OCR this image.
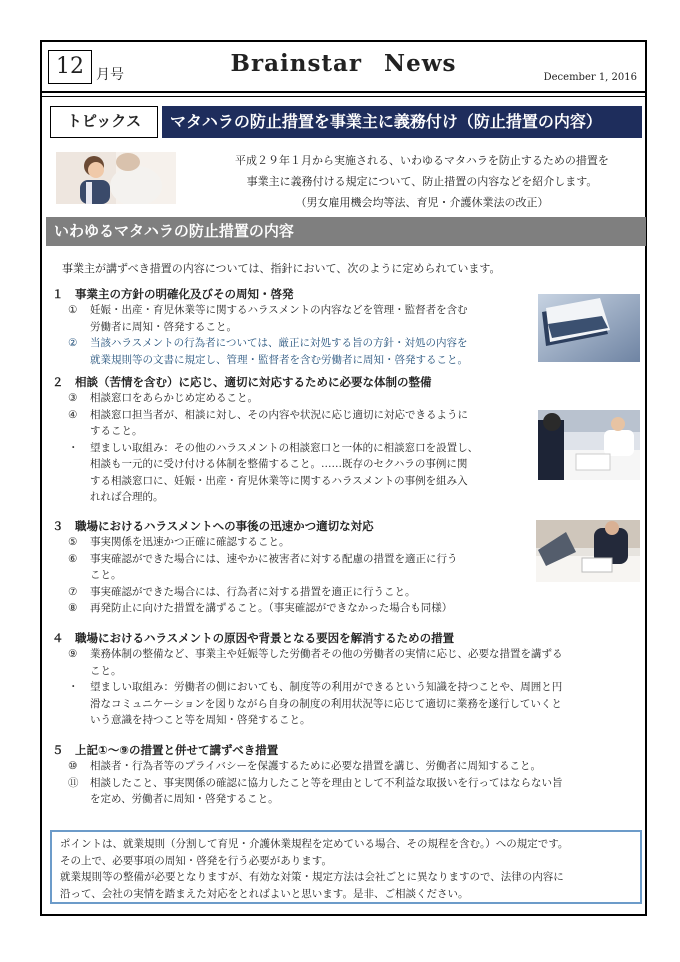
12 月号	Brainstar News
December 1, 2016
トピックス	マタハラの防止措置を事業主に義務付け（防止措置の内容）

平成２９年１月から実施される、いわゆるマタハラを防止するための措置を

事業主に義務付ける規定について、防止措置の内容などを紹介します。

（男女雇用機会均等法、育児・介護休業法の改正）

いわゆるマタハラの防止措置の内容
事業主が講ずべき措置の内容については、指針において、次のように定められています。
１　事業主の方針の明確化及びその周知・啓発
① 妊娠・出産・育児休業等に関するハラスメントの内容などを管理・監督者を含む
労働者に周知・啓発すること。
② 当該ハラスメントの行為者については、厳正に対処する旨の方針・対処の内容を
就業規則等の文書に規定し、管理・監督者を含む労働者に周知・啓発すること。
２　相談（苦情を含む）に応じ、適切に対応するために必要な体制の整備
③ 相談窓口をあらかじめ定めること。
④ 相談窓口担当者が、相談に対し、その内容や状況に応じ適切に対応できるように
すること。
・ 望ましい取組み：その他のハラスメントの相談窓口と一体的に相談窓口を設置し、
相談も一元的に受け付ける体制を整備すること。……既存のセクハラの事例に関
する相談窓口に、妊娠・出産・育児休業等に関するハラスメントの事例を組み入
れれば合理的。
３　職場におけるハラスメントへの事後の迅速かつ適切な対応
⑤ 事実関係を迅速かつ正確に確認すること。
⑥ 事実確認ができた場合には、速やかに被害者に対する配慮の措置を適正に行う
こと。
⑦ 事実確認ができた場合には、行為者に対する措置を適正に行うこと。
⑧ 再発防止に向けた措置を講ずること。（事実確認ができなかった場合も同様）
４　職場におけるハラスメントの原因や背景となる要因を解消するための措置
⑨ 業務体制の整備など、事業主や妊娠等した労働者その他の労働者の実情に応じ、必要な措置を講ずる
こと。
・ 望ましい取組み：労働者の側においても、制度等の利用ができるという知識を持つことや、周囲と円
滑なコミュニケーションを図りながら自身の制度の利用状況等に応じて適切に業務を遂行していくと
いう意識を持つこと等を周知・啓発すること。
５　上記①～⑨の措置と併せて講ずべき措置
⑩ 相談者・行為者等のプライバシーを保護するために必要な措置を講じ、労働者に周知すること。
⑪ 相談したこと、事実関係の確認に協力したこと等を理由として不利益な取扱いを行ってはならない旨
を定め、労働者に周知・啓発すること。
ポイントは、就業規則（分割して育児・介護休業規程を定めている場合、その規程を含む。）への規定です。
その上で、必要事項の周知・啓発を行う必要があります。
就業規則等の整備が必要となりますが、有効な対策・規定方法は会社ごとに異なりますので、法律の内容に
沿って、会社の実情を踏まえた対応をとればよいと思います。是非、ご相談ください。
